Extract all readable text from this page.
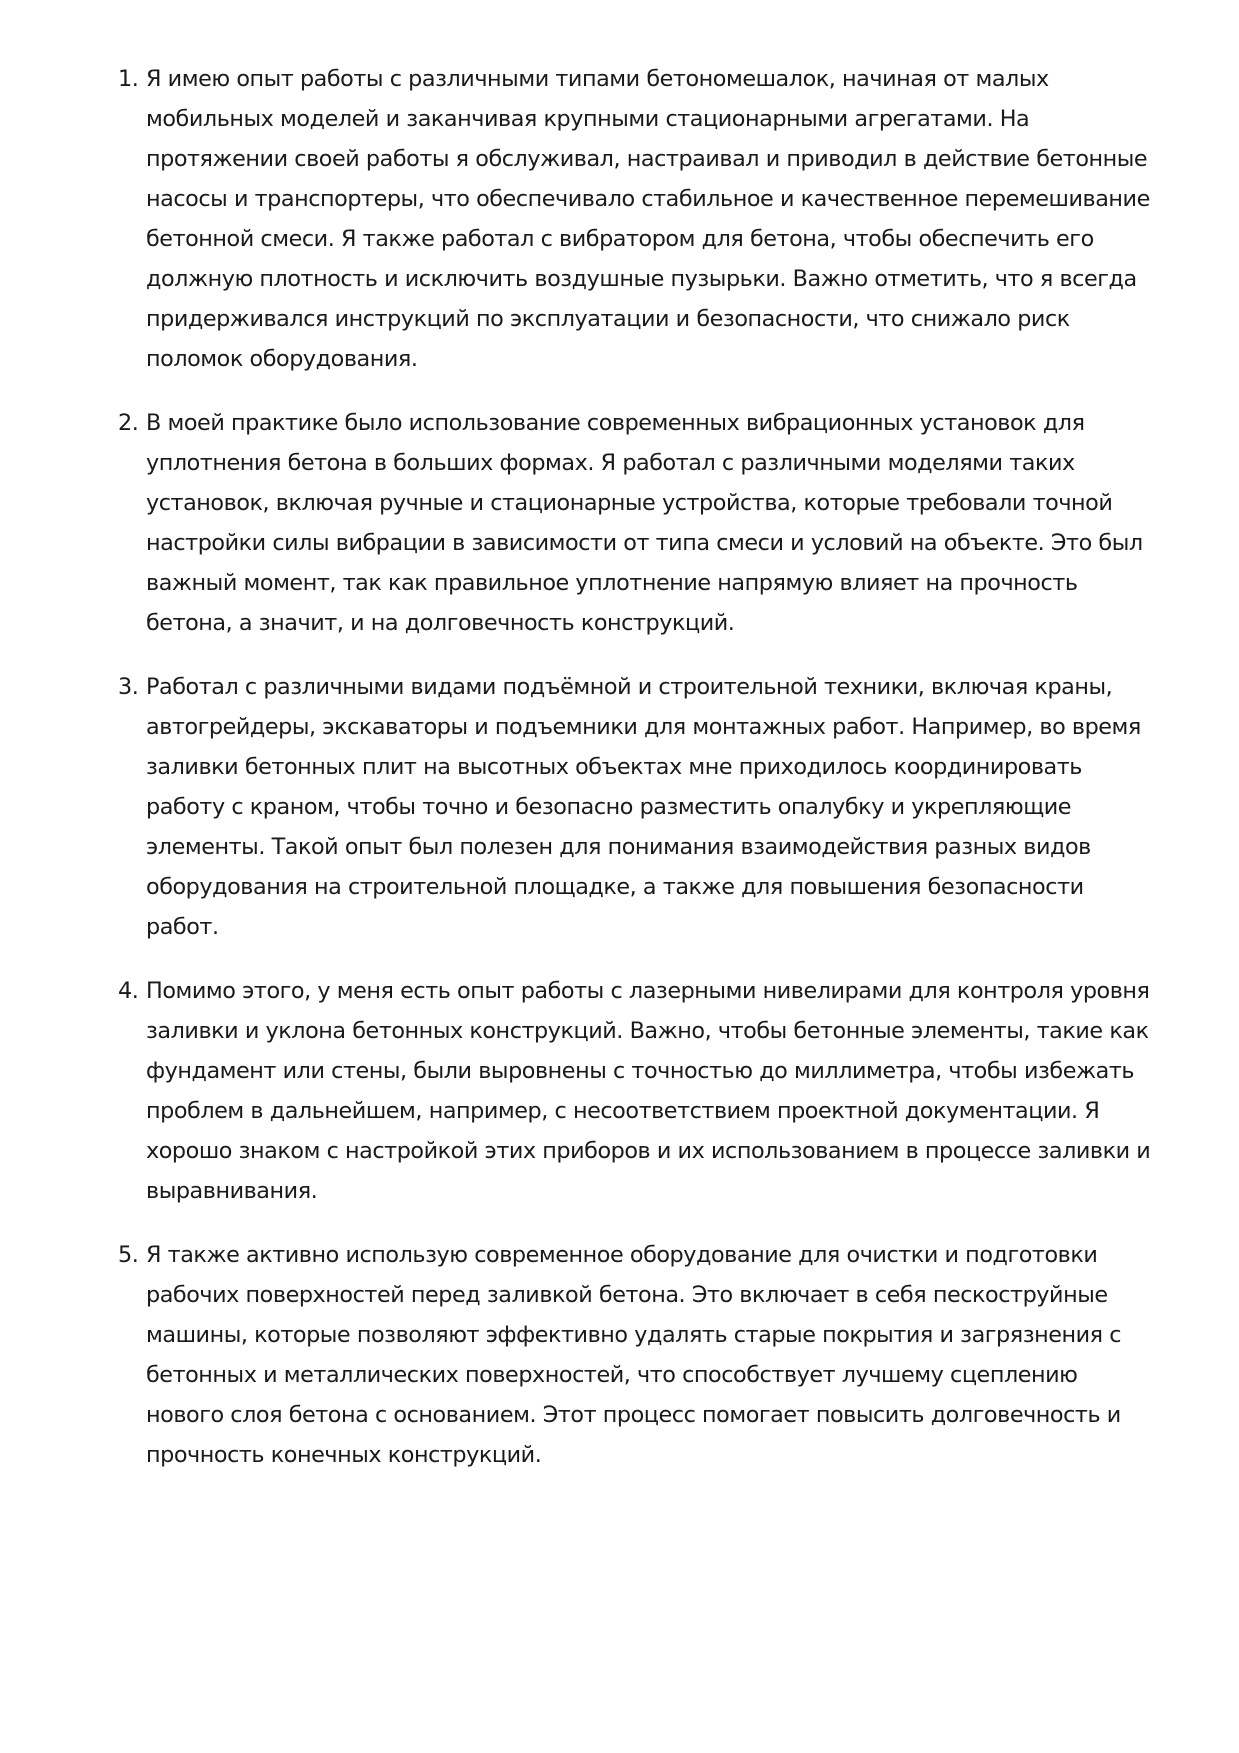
1. Я имею опыт работы с различными типами бетономешалок, начиная от малых мобильных моделей и заканчивая крупными стационарными агрегатами. На протяжении своей работы я обслуживал, настраивал и приводил в действие бетонные насосы и транспортеры, что обеспечивало стабильное и качественное перемешивание бетонной смеси. Я также работал с вибратором для бетона, чтобы обеспечить его должную плотность и исключить воздушные пузырьки. Важно отметить, что я всегда придерживался инструкций по эксплуатации и безопасности, что снижало риск поломок оборудования.
2. В моей практике было использование современных вибрационных установок для уплотнения бетона в больших формах. Я работал с различными моделями таких установок, включая ручные и стационарные устройства, которые требовали точной настройки силы вибрации в зависимости от типа смеси и условий на объекте. Это был важный момент, так как правильное уплотнение напрямую влияет на прочность бетона, а значит, и на долговечность конструкций.
3. Работал с различными видами подъёмной и строительной техники, включая краны, автогрейдеры, экскаваторы и подъемники для монтажных работ. Например, во время заливки бетонных плит на высотных объектах мне приходилось координировать работу с краном, чтобы точно и безопасно разместить опалубку и укрепляющие элементы. Такой опыт был полезен для понимания взаимодействия разных видов оборудования на строительной площадке, а также для повышения безопасности работ.
4. Помимо этого, у меня есть опыт работы с лазерными нивелирами для контроля уровня заливки и уклона бетонных конструкций. Важно, чтобы бетонные элементы, такие как фундамент или стены, были выровнены с точностью до миллиметра, чтобы избежать проблем в дальнейшем, например, с несоответствием проектной документации. Я хорошо знаком с настройкой этих приборов и их использованием в процессе заливки и выравнивания.
5. Я также активно использую современное оборудование для очистки и подготовки рабочих поверхностей перед заливкой бетона. Это включает в себя пескоструйные машины, которые позволяют эффективно удалять старые покрытия и загрязнения с бетонных и металлических поверхностей, что способствует лучшему сцеплению нового слоя бетона с основанием. Этот процесс помогает повысить долговечность и прочность конечных конструкций.
